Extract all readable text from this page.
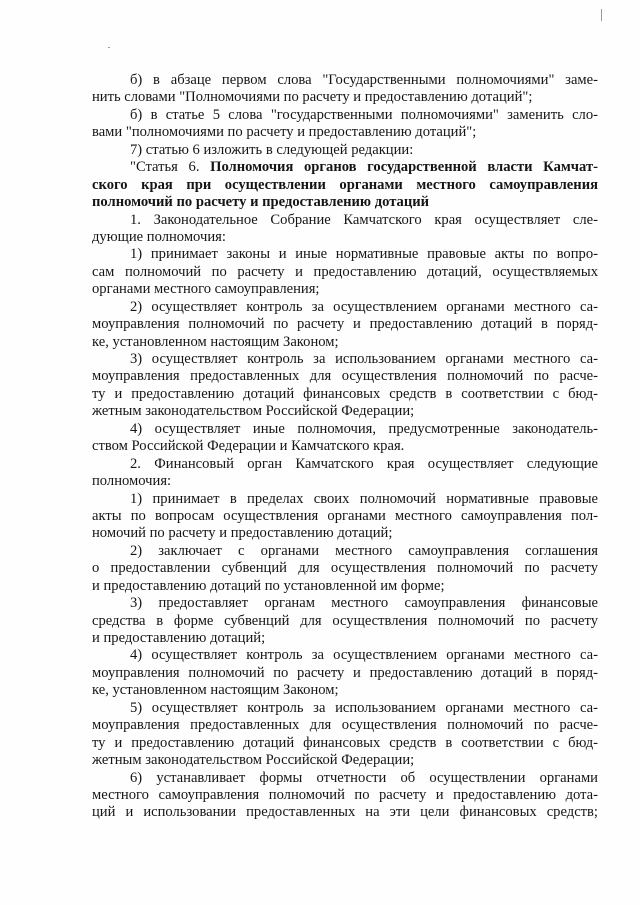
б) в абзаце первом слова "Государственными полномочиями" заме-
нить словами "Полномочиями по расчету и предоставлению дотаций";
б) в статье 5 слова "государственными полномочиями" заменить сло-
вами "полномочиями по расчету и предоставлению дотаций";
7) статью 6 изложить в следующей редакции:
"Статья 6. Полномочия органов государственной власти Камчат-
ского края при осуществлении органами местного самоуправления
полномочий по расчету и предоставлению дотаций
1. Законодательное Собрание Камчатского края осуществляет сле-
дующие полномочия:
1) принимает законы и иные нормативные правовые акты по вопро-
сам полномочий по расчету и предоставлению дотаций, осуществляемых
органами местного самоуправления;
2) осуществляет контроль за осуществлением органами местного са-
моуправления полномочий по расчету и предоставлению дотаций в поряд-
ке, установленном настоящим Законом;
3) осуществляет контроль за использованием органами местного са-
моуправления предоставленных для осуществления полномочий по расче-
ту и предоставлению дотаций финансовых средств в соответствии с бюд-
жетным законодательством Российской Федерации;
4) осуществляет иные полномочия, предусмотренные законодатель-
ством Российской Федерации и Камчатского края.
2. Финансовый орган Камчатского края осуществляет следующие
полномочия:
1) принимает в пределах своих полномочий нормативные правовые
акты по вопросам осуществления органами местного самоуправления пол-
номочий по расчету и предоставлению дотаций;
2) заключает с органами местного самоуправления соглашения
о предоставлении субвенций для осуществления полномочий по расчету
и предоставлению дотаций по установленной им форме;
3) предоставляет органам местного самоуправления финансовые
средства в форме субвенций для осуществления полномочий по расчету
и предоставлению дотаций;
4) осуществляет контроль за осуществлением органами местного са-
моуправления полномочий по расчету и предоставлению дотаций в поряд-
ке, установленном настоящим Законом;
5) осуществляет контроль за использованием органами местного са-
моуправления предоставленных для осуществления полномочий по расче-
ту и предоставлению дотаций финансовых средств в соответствии с бюд-
жетным законодательством Российской Федерации;
6) устанавливает формы отчетности об осуществлении органами
местного самоуправления полномочий по расчету и предоставлению дота-
ций и использовании предоставленных на эти цели финансовых средств;
